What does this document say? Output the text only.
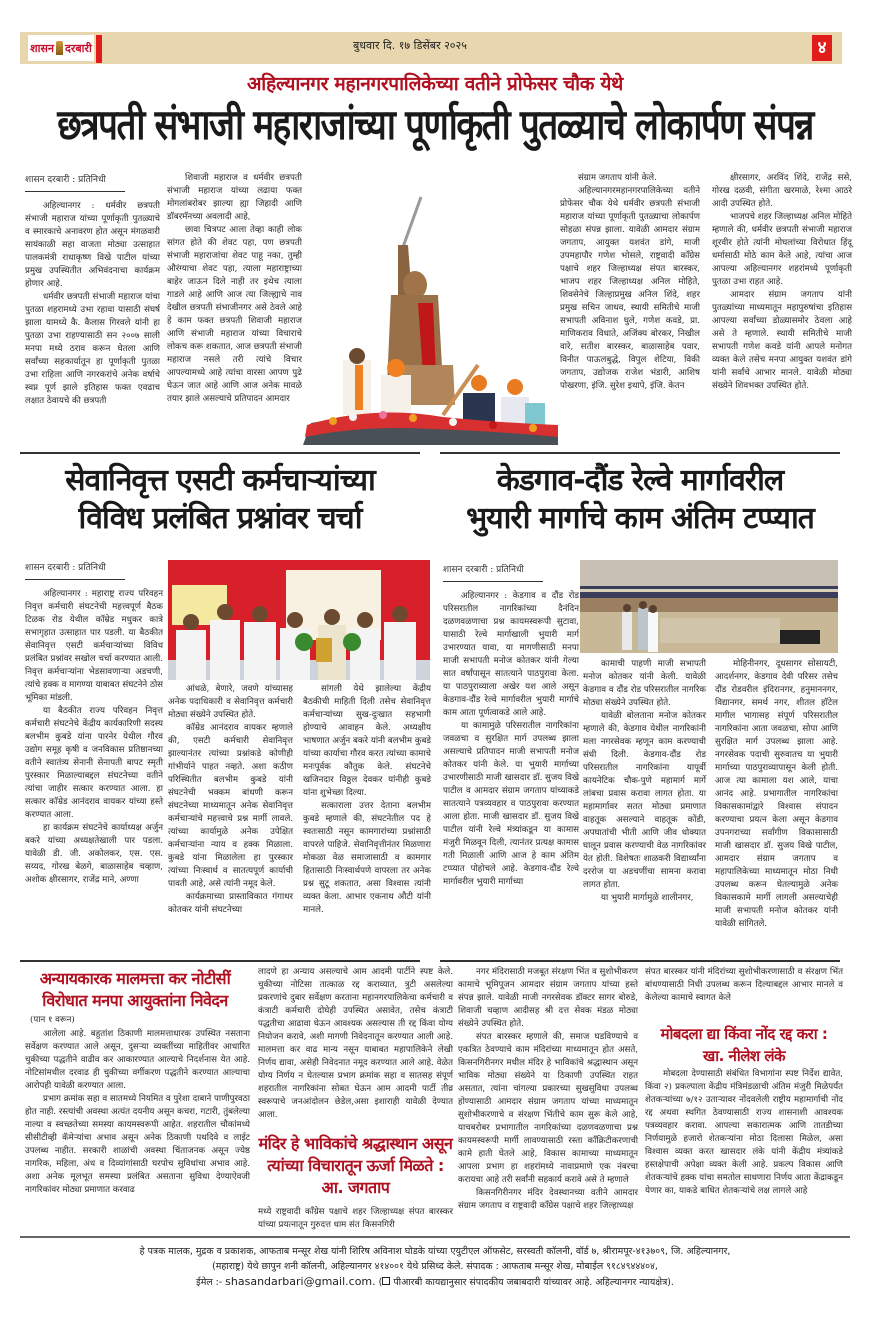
शासन दरबारी	बुधवार दि. १७ डिसेंबर २०२५	४
अहिल्यानगर महानगरपालिकेच्या वतीने प्रोफेसर चौक येथे
छत्रपती संभाजी महाराजांच्या पूर्णाकृती पुतळ्याचे लोकार्पण संपन्न
शासन दरबारी : प्रतिनिधी

अहिल्यानगर : धर्मवीर छत्रपती संभाजी महाराज यांच्या पूर्णाकृती पुतळ्याचे व स्मारकाचे अनावरण होत असून मंगळवारी सायंकाळी सहा वाजता मोठ्या उत्साहात पालकमंत्री राधाकृष्ण विखे पाटील यांच्या प्रमुख उपस्थितीत अभिवंदनाचा कार्यक्रम होणार आहे.

धर्मवीर छत्रपती संभाजी महाराज यांचा पुतळा शहरामध्ये उभा रहावा यासाठी संघर्ष झाला यामध्ये कै. कैलास गिरवले यांनी हा पुतळा उभा राहण्यासाठी सन २००७ साली मनपा मध्ये ठराव करून घेतला आणि सर्वांच्या सहकार्यातून हा पूर्णाकृती पुतळा उभा राहिला आणि नगरकरांचे अनेक वर्षाचे स्वप्न पूर्ण झाले इतिहास फक्त एवढाच लक्षात ठेवायचे की छत्रपती

शिवाजी महाराज व धर्मवीर छत्रपती संभाजी महाराज यांच्या लढाया फक्त मोगलांबरोबर झाल्या ह्या जिहादी आणि डॉबरमॅनच्या अवलादी आहे,

छावा चित्रपट आला तेव्हा काही लोक सांगत होते की शेवट पहा, पण छत्रपती संभाजी महाराजांचा शेवट पाहू नका, तुम्ही औरंग्याचा शेवट पहा, त्याला महाराष्ट्राच्या बाहेर जाऊन दिले नाही तर इथेच त्याला गाडले आहे आणि आज त्या जिल्ह्याचे नाव देखील छत्रपती संभाजीनगर असे ठेवले आहे हे काम फक्त छत्रपती शिवाजी महाराज आणि संभाजी महाराज यांच्या विचाराचे लोकच करू शकतात, आज छत्रपती संभाजी महाराज नसले तरी त्यांचे विचार आपल्यामध्ये आहे त्यांचा वारसा आपण पुढे घेऊन जात आहे आणि आज अनेक मावळे तयार झाले असल्याचे प्रतिपादन आमदार

संग्राम जगताप यांनी केले.

अहिल्यानगरमहानगरपालिकेच्या वतीने प्रोफेसर चौक येथे धर्मवीर छत्रपती संभाजी महाराज यांच्या पूर्णाकृती पुतळ्याचा लोकार्पण सोहळा संपन्न झाला. यावेळी आमदार संग्राम जगताप, आयुक्त यशवंत डांगे, माजी उपमहापौर गणेश भोसले, राष्ट्रवादी कॉंग्रेस पक्षाचे शहर जिल्हाध्यक्ष संपत बारस्कर, भाजप शहर जिल्हाध्यक्ष अनिल मोहिते, शिवसेनेचे जिल्हाप्रमुख अनिल शिंदे, शहर प्रमुख सचिन जाधव, स्थायी समितीचे माजी सभापती अविनाश घुले, गणेश कवडे, प्रा. माणिकराव विधाते, अजिंक्य बोरकर, निखील वारे, सतीश बारस्कर, बाळासाहेब पवार, विनीत पाऊलबुद्धे, विपुल शेटिया, विकी जगताप, उद्योजक राजेश भंडारी, आशिष पोखरणा, इंजि. सुरेश इथापे, इंजि. केतन

क्षीरसागर, अरविंद शिंदे, राजेंद्र ससे, गोरख दळवी, संगीता खरमाळे, रेश्मा आठरे आदी उपस्थित होते.

भाजपचे शहर जिल्हाध्यक्ष अनिल मोहिते म्हणाले की, धर्मवीर छत्रपती संभाजी महाराज शूरवीर होते त्यांनी मोघलांच्या विरोधात हिंदू धर्मासाठी मोठे काम केले आहे, त्यांचा आज आपल्या अहिल्यानगर शहरांमध्ये पूर्णाकृती पुतळा उभा राहत आहे.

आमदार संग्राम जगताप यांनी पुतळ्यांच्या माध्यमातून महापुरुषांचा इतिहास आपल्या सर्वांच्या डोळ्यासमोर ठेवला आहे असे ते म्हणाले. स्थायी समितीचे माजी सभापती गणेश कवडे यांनी आपले मनोगत व्यक्त केले तसेच मनपा आयुक्त यशवंत डांगे यांनी सर्वांचे आभार मानले. यावेळी मोठ्या संख्येने शिवभक्त उपस्थित होते.

सेवानिवृत्त एसटी कर्मचाऱ्यांच्या
विविध प्रलंबित प्रश्नांवर चर्चा
शासन दरबारी : प्रतिनिधी

अहिल्यानगर : महाराष्ट्र राज्य परिवहन निवृत्त कर्मचारी संघटनेची महत्त्वपूर्ण बैठक टिळक रोड येथील कॉम्रेड मधुकर कात्रे सभागृहात उत्साहात पार पडली. या बैठकीत सेवानिवृत्त एसटी कर्मचाऱ्यांच्या विविध प्रलंबित प्रश्नांवर सखोल चर्चा करण्यात आली. निवृत्त कर्मचाऱ्यांना भेडसावणाऱ्या अडचणी, त्यांचे हक्क व मागण्या याबाबत संघटनेने ठोस भूमिका मांडली.

या बैठकीत राज्य परिवहन निवृत्त कर्मचारी संघटनेचे केंद्रीय कार्यकारिणी सदस्य बलभीम कुबडे यांना पारनेर येथील गौरव उद्योग समूह कृषी व जनविकास प्रतिष्ठानच्या वतीने स्वातंत्र्य सेनानी सेनापती बापट स्मृती पुरस्कार मिळाल्याबद्दल संघटनेच्या वतीने त्यांचा जाहीर सत्कार करण्यात आला. हा सत्कार कॉम्रेड आनंदराव वायकर यांच्या हस्ते करण्यात आला.

हा कार्यक्रम संघटनेचे कार्याध्यक्ष अर्जुन बकरे यांच्या अध्यक्षतेखाली पार पडला. यावेळी डी. जी. अकोलकर, एस. एस. सय्यद, गोरख बेळगे, बाळासाहेब चव्हाण, अशोक क्षीरसागर, राजेंद्र माने, अण्णा

आंधळे, बेणारे, जवणे यांच्यासह अनेक पदाधिकारी व सेवानिवृत्त कर्मचारी मोठ्या संख्येने उपस्थित होते.

कॉम्रेड आनंदराव वायकर म्हणाले की, एसटी कर्मचारी सेवानिवृत्त झाल्यानंतर त्यांच्या प्रश्नांकडे कोणीही गांभीर्याने पाहत नव्हते. अशा कठीण परिस्थितीत बलभीम कुबडे यांनी संघटनेची भक्कम बांधणी करून संघटनेच्या माध्यमातून अनेक सेवानिवृत्त कर्मचाऱ्यांचे महत्त्वाचे प्रश्न मार्गी लावले. त्यांच्या कार्यामुळे अनेक उपेक्षित कर्मचाऱ्यांना न्याय व हक्क मिळाला. कुबडे यांना मिळालेला हा पुरस्कार त्यांच्या निःस्वार्थ व सातत्यपूर्ण कार्याची पावती आहे, असे त्यांनी नमूद केले.

कार्यक्रमाच्या प्रास्ताविकात गंगाधर कोतकर यांनी संघटनेच्या

सांगली येथे झालेल्या केंद्रीय बैठकीची माहिती दिली तसेच सेवानिवृत्त कर्मचाऱ्यांच्या सुख-दुःखात सहभागी होण्याचे आवाहन केले. अध्यक्षीय भाषणात अर्जुन बकरे यांनी बलभीम कुबडे यांच्या कार्याचा गौरव करत त्यांच्या कामाचे मनःपूर्वक कौतुक केले. संघटनेचे खजिनदार विठ्ठल देवकर यांनीही कुबडे यांना शुभेच्छा दिल्या.

सत्काराला उत्तर देताना बलभीम कुबडे म्हणाले की, संघटनेतील पद हे स्वतःसाठी नसून कामगारांच्या प्रश्नांसाठी वापरले पाहिजे. सेवानिवृत्तीनंतर मिळणारा मोकळा वेळ समाजासाठी व कामगार हितासाठी निःस्वार्थपणे वापरला तर अनेक प्रश्न सुटू शकतात, असा विश्वास त्यांनी व्यक्त केला. आभार एकनाथ औटी यांनी मानले.

केडगाव-दौंड रेल्वे मार्गावरील
भुयारी मार्गाचे काम अंतिम टप्प्यात
शासन दरबारी : प्रतिनिधी

अहिल्यानगर : केडगाव व दौंड रोड परिसरातील नागरिकांच्या दैनंदिन दळणवळणाचा प्रश्न कायमस्वरूपी सुटावा, यासाठी रेल्वे मार्गाखाली भुयारी मार्ग उभारण्यात यावा, या मागणीसाठी मनपा माजी सभापती मनोज कोतकर यांनी गेल्या सात वर्षांपासून सातत्याने पाठपुरावा केला. या पाठपुराव्याला अखेर यश आले असून केडगाव-दौंड रेल्वे मार्गावरील भुयारी मार्गाचे काम आता पूर्णत्वाकडे आले आहे.

या कामामुळे परिसरातील नागरिकांना जवळचा व सुरक्षित मार्ग उपलब्ध झाला असल्याचे प्रतिपादन माजी सभापती मनोज कोतकर यांनी केले. या भुयारी मार्गाच्या उभारणीसाठी माजी खासदार डॉ. सुजय विखे पाटील व आमदार संग्राम जगताप यांच्याकडे सातत्याने पत्रव्यवहार व पाठपुरावा करण्यात आला होता. माजी खासदार डॉ. सुजय विखे पाटील यांनी रेल्वे मंत्र्यांकडून या कामास मंजुरी मिळवून दिली, त्यानंतर प्रत्यक्ष कामास गती मिळाली आणि आज हे काम अंतिम टप्प्यात पोहोचले आहे. केडगाव-दौंड रेल्वे मार्गावरील भुयारी मार्गाच्या

कामाची पाहणी माजी सभापती मनोज कोतकर यांनी केली. यावेळी केडगाव व दौंड रोड परिसरातील नागरिक मोठ्या संख्येने उपस्थित होते.

यावेळी बोलताना मनोज कोतकर म्हणाले की, केडगाव येथील नागरिकांनी मला नगरसेवक म्हणून काम करण्याची संधी दिली. केडगाव-दौंड रोड परिसरातील नागरिकांना यापूर्वी कायनेटिक चौक-पुणे महामार्ग मार्गे लांबचा प्रवास करावा लागत होता. या महामार्गावर सतत मोठ्या प्रमाणात वाहतूक असल्याने वाहतूक कोंडी, अपघातांची भीती आणि जीव धोक्यात घालून प्रवास करण्याची वेळ नागरिकांवर येत होती. विशेषतः शाळकरी विद्यार्थ्यांना दररोज या अडचणींचा सामना करावा लागत होता.

या भुयारी मार्गामुळे शालीनगर,

मोहिनीनगर, दूधसागर सोसायटी, आदर्शनगर, केडगाव देवी परिसर तसेच दौंड रोडवरील इंदिरानगर, हनुमाननगर, विद्यानगर, समर्थ नगर, शीतल हॉटेल मागील भागासह संपूर्ण परिसरातील नागरिकांना आता जवळचा, सोपा आणि सुरक्षित मार्ग उपलब्ध झाला आहे. नगरसेवक पदाची सुरुवातच या भुयारी मार्गाच्या पाठपुराव्यापासून केली होती. आज त्या कामाला यश आले, याचा आनंद आहे. प्रभागातील नागरिकांचा विकासकामांद्वारे विश्वास संपादन करण्याचा प्रयत्न केला असून केडगाव उपनगराच्या सर्वांगीण विकासासाठी माजी खासदार डॉ. सुजय विखे पाटील, आमदार संग्राम जगताप व महापालिकेच्या माध्यमातून मोठा निधी उपलब्ध करून घेतल्यामुळे अनेक विकासकामे मार्गी लागली असल्याचेही माजी सभापती मनोज कोतकर यांनी यावेळी सांगितले.

अन्यायकारक मालमत्ता कर नोटीसीं
विरोधात मनपा आयुक्तांना निवेदन
(पान १ वरून)

आलेला आहे. बहुतांश ठिकाणी मालमत्ताधारक उपस्थित नसताना सर्वेक्षण करण्यात आले असून, दुसऱ्या व्यक्तींच्या माहितीवर आधारित चुकीच्या पद्धतीने वाढीव कर आकारण्यात आल्याचे निदर्शनास येत आहे. नोटिसांमधील दरवाढ ही चुकीच्या वर्गीकरण पद्धतीने करण्यात आल्याचा आरोपही यावेळी करण्यात आला.

प्रभाग क्रमांक सहा व सातमध्ये नियमित व पुरेशा दाबाने पाणीपुरवठा होत नाही. रस्त्यांची अवस्था अत्यंत दयनीय असून कचरा, गटारी, तुंबलेल्या नाल्या व स्वच्छतेच्या समस्या कायमस्वरूपी आहेत. शहरातील चौकांमध्ये सीसीटीव्ही कॅमेऱ्यांचा अभाव असून अनेक ठिकाणी पथदिवे व लाईट उपलब्ध नाहीत. सरकारी शाळांची अवस्था चिंताजनक असून ज्येष्ठ नागरिक, महिला, अंध व दिव्यांगांसाठी घरपोच सुविधांचा अभाव आहे. अशा अनेक मूलभूत समस्या प्रलंबित असताना सुविधा देण्याऐवजी नागरिकांवर मोठ्या प्रमाणात करवाढ

लादणे हा अन्याय असल्याचे आम आदमी पार्टीने स्पष्ट केले. चुकीच्या नोटिसा तात्काळ रद्द कराव्यात, त्रुटी असलेल्या प्रकरणांचे दुबार सर्वेक्षण करताना महानगरपालिकेचा कर्मचारी व कंत्राटी कर्मचारी दोघेही उपस्थित असावेत, तसेच कंत्राटी पद्धतीचा आढावा घेऊन आवश्यक असल्यास ती रद्द किंवा योग्य नियोजन करावे, अशी मागणी निवेदनातून करण्यात आली आहे. मालमत्ता कर वाढ मान्य नसून याबाबत महापालिकेने लेखी निर्णय द्यावा, असेही निवेदनात नमूद करण्यात आले आहे. वेळेत योग्य निर्णय न घेतल्यास प्रभाग क्रमांक सहा व सातसह संपूर्ण शहरातील नागरिकांना सोबत घेऊन आम आदमी पार्टी तीव्र स्वरूपाचे जनआंदोलन छेडेल,असा इशाराही यावेळी देण्यात आला.
मंदिर हे भाविकांचे श्रद्धास्थान असून
त्यांच्या विचारातून ऊर्जा मिळते :
आ. जगताप
मध्ये राष्ट्रवादी कॉंग्रेस पक्षाचे शहर जिल्हाध्यक्ष संपत बारस्कर यांच्या प्रयत्नातून गुरुदत्त धाम संत किसनगिरी

नगर मंदिरासाठी मजबूत संरक्षण भिंत व सुशोभीकरण कामाचे भूमिपूजन आमदार संग्राम जगताप यांच्या हस्ते संपन्न झाले. यावेळी माजी नगरसेवक डॉक्टर सागर बोरुडे, शिवाजी चव्हाण आदीसह श्री दत्त सेवक मंडळ मोठ्या संख्येने उपस्थित होते.

संपत बारस्कर म्हणाले की, समाज घडविण्याचे व एकत्रित ठेवण्याचे काम मंदिरांच्या माध्यमातून होत असते, किसनगिरीनगर मधील मंदिर हे भाविकांचे श्रद्धास्थान असून भाविक मोठ्या संख्येने या ठिकाणी उपस्थित राहत असतात, त्यांना चांगल्या प्रकारच्या सुखसुविधा उपलब्ध होण्यासाठी आमदार संग्राम जगताप यांच्या माध्यमातून सुशोभीकरणाचे व संरक्षण भिंतीचे काम सुरू केले आहे, याचबरोबर प्रभागातील नागरिकांच्या दळणवळणाचा प्रश्न कायमस्वरूपी मार्गी लावण्यासाठी रस्ता कॉंक्रिटीकरणाची कामे हाती घेतले आहे, विकास कामाच्या माध्यमातून आपला प्रभाग हा शहरांमध्ये नावाप्रमाणे एक नंबरचा करायचा आहे तरी सर्वांनी सहकार्य करावे असे ते म्हणाले

किसनगिरीनगर मंदिर देवस्थानच्या वतीने आमदार संग्राम जगताप व राष्ट्रवादी कॉंग्रेस पक्षाचे शहर जिल्हाध्यक्ष

संपत बारस्कर यांनी मंदिरांच्या सुशोभीकरणासाठी व संरक्षण भिंत बांधण्यासाठी निधी उपलब्ध करून दिल्याबद्दल आभार मानले व केलेल्या कामाचे स्वागत केले
मोबदला द्या किंवा नोंद रद्द करा :
खा. नीलेश लंके

मोबदला देण्यासाठी संबंधित विभागांना स्पष्ट निर्देश द्यावेत, किंवा २) प्रकल्पाला केंद्रीय मंत्रिमंडळाची अंतिम मंजुरी मिळेपर्यंत शेतकऱ्यांच्या ७/१२ उताऱ्यावर नोंदवलेली राष्ट्रीय महामार्गाची नोंद रद्द अथवा स्थगित ठेवण्यासाठी राज्य शासनाशी आवश्यक पत्रव्यवहार करावा. आपल्या सकारात्मक आणि तातडीच्या निर्णयामुळे हजारो शेतकऱ्यांना मोठा दिलासा मिळेल, असा विश्वास व्यक्त करत खासदार लंके यांनी केंद्रीय मंत्र्यांकडे हस्तक्षेपाची अपेक्षा व्यक्त केली आहे. प्रकल्प विकास आणि शेतकऱ्यांचे हक्क यांचा समतोल साधणारा निर्णय आता केंद्राकडून येणार का, याकडे बाधित शेतकऱ्यांचे लक्ष लागले आहे

हे पत्रक मालक, मुद्रक व प्रकाशक, आफताब मन्सूर शेख यांनी शिरिष अविनाश घोडके यांच्या एयुटीएल ऑफसेट, सरस्वती कॉलनी, वॉर्ड ७, श्रीरामपूर-४१३७०९, जि. अहिल्यानगर,
(महाराष्ट्र) येथे छापुन शनी कॉलनी, अहिल्यानगर ४१४००१ येथे प्रसिध्द केले. संपादक : आफताब मन्सूर शेख, मोबाईल ९१८४९४४४०४,
ईमेल :- shasandarbari@gmail.com. ( पीआरबी कायद्यानुसार संपादकीय जबाबदारी यांच्यावर आहे. अहिल्यानगर न्यायक्षेत्र).
